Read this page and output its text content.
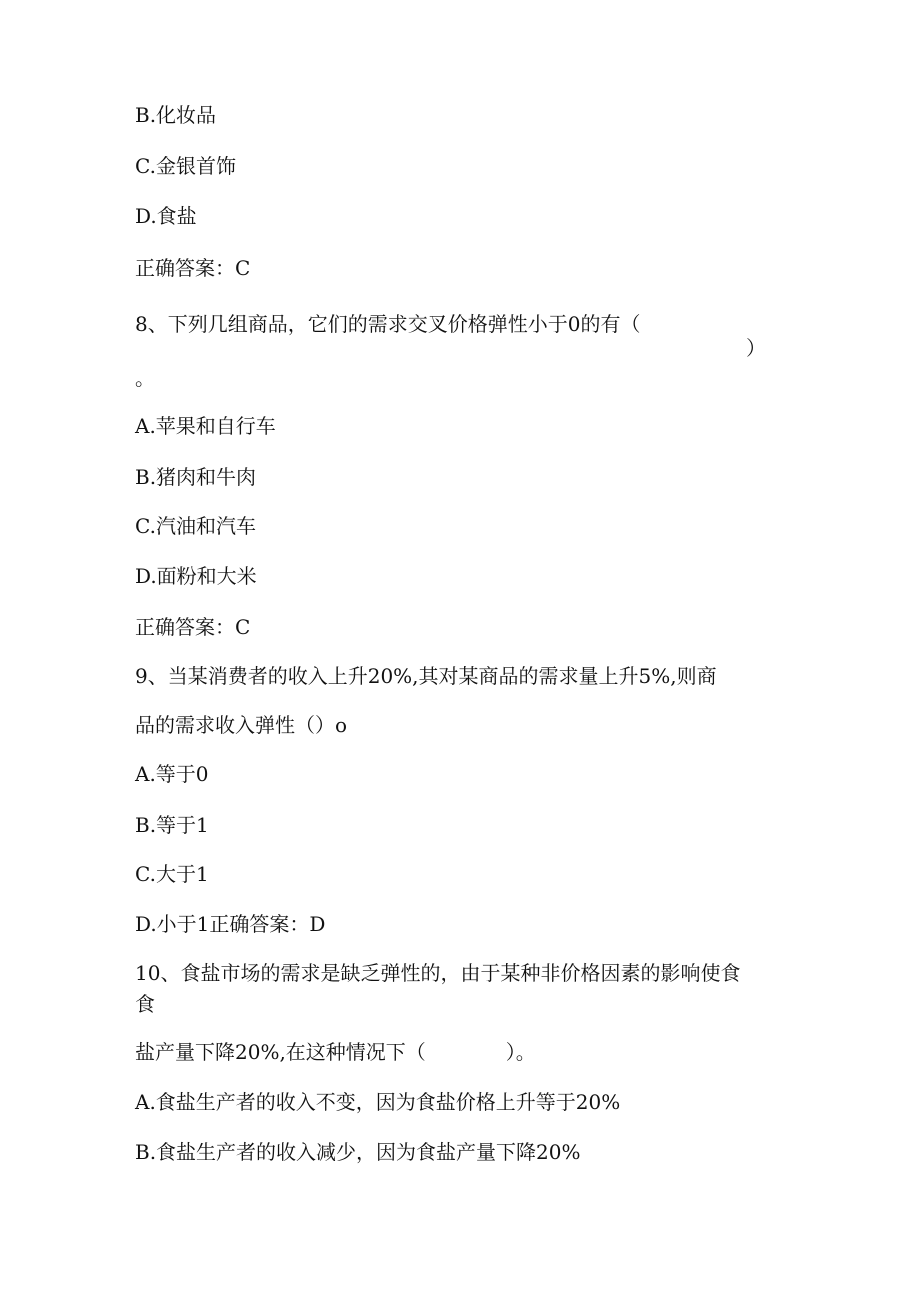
B.化妆品

C.金银首饰

D.食盐

正确答案：C

8、下列几组商品，它们的需求交叉价格弹性小于0的有（

）

。

A.苹果和自行车

B.猪肉和牛肉

C.汽油和汽车

D.面粉和大米

正确答案：C

9、当某消费者的收入上升20%,其对某商品的需求量上升5%,则商

品的需求收入弹性（）o

A.等于0

B.等于1

C.大于1

D.小于1正确答案：D

10、食盐市场的需求是缺乏弹性的，由于某种非价格因素的影响使食

食

盐产量下降20%,在这种情况下（　　　　）。

A.食盐生产者的收入不变，因为食盐价格上升等于20%

B.食盐生产者的收入减少，因为食盐产量下降20%
